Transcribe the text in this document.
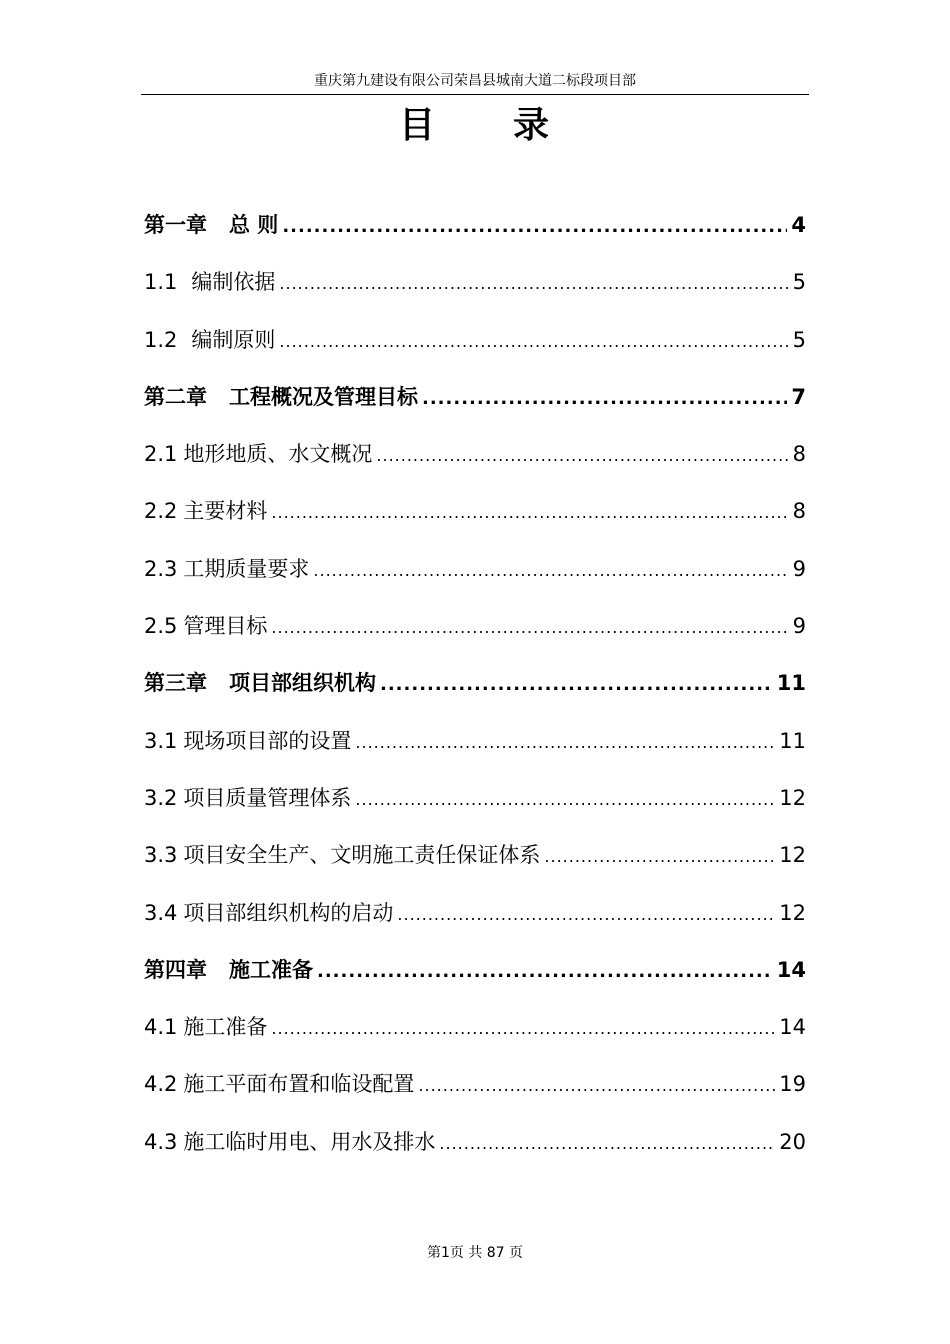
重庆第九建设有限公司荣昌县城南大道二标段项目部
目　　录
第一章 总 则 .....	4
1.1 编制依据 .....	5
1.2 编制原则 .....	5
第二章 工程概况及管理目标 .....	7
2.1 地形地质、水文概况 .....	8
2.2 主要材料 .....	8
2.3 工期质量要求 .....	9
2.5 管理目标 .....	9
第三章 项目部组织机构 .....	11
3.1 现场项目部的设置 .....	11
3.2 项目质量管理体系 .....	12
3.3 项目安全生产、文明施工责任保证体系 .....	12
3.4 项目部组织机构的启动 .....	12
第四章 施工准备 .....	14
4.1 施工准备 .....	14
4.2 施工平面布置和临设配置 .....	19
4.3 施工临时用电、用水及排水 .....	20
第1页 共 87 页
